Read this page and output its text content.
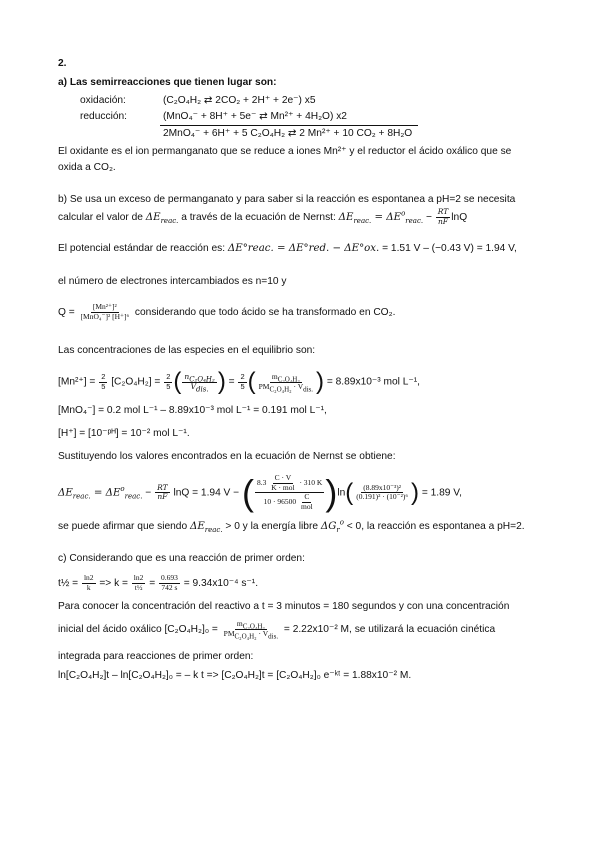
2.
a) Las semirreacciones que tienen lugar son:
oxidación:	(C₂O₄H₂ ⇄ 2CO₂ + 2H⁺ + 2e⁻) x5
reducción:	(MnO₄⁻ + 8H⁺ + 5e⁻ ⇄ Mn²⁺ + 4H₂O) x2
2MnO₄⁻ + 6H⁺ + 5 C₂O₄H₂ ⇄ 2 Mn²⁺ + 10 CO₂ + 8H₂O
El oxidante es el ion permanganato que se reduce a iones Mn²⁺ y el reductor el ácido oxálico que se
oxida a CO₂.
b) Se usa un exceso de permanganato y para saber si la reacción es espontanea a pH=2 se necesita
calcular el valor de $\Delta E_{reac.}$ a través de la ecuación de Nernst: $\Delta E_{reac.} = \Delta E^o_{reac.} - \frac{RT}{nF}$ lnQ
El potencial estándar de reacción es: ΔE°reac. = ΔE°red. − ΔE°ox. = 1.51 V – (−0.43 V) = 1.94 V,
el número de electrones intercambiados es n=10 y
$Q = \frac{\text{[Mn²⁺]²}}{\text{[MnO₄⁻]² [H⁺]⁶}}$ considerando que todo ácido se ha transformado en CO₂.
Las concentraciones de las especies en el equilibrio son:
$[Mn^{2+}] = \frac{2}{5} [C_2O_4H_2] = \frac{2}{5}$ ( $\frac{n_{C_2O_4H_2}}{V_{dis.}}$ ) = $\frac{2}{5}$ ( $\frac{m_{C_2O_4H_2}}{PM_{C_2O_4H_2} \cdot V_{dis.}}$ ) = 8.89x10⁻³ mol L⁻¹,
[MnO₄⁻] = 0.2 mol L⁻¹ – 8.89x10⁻³ mol L⁻¹ = 0.191 mol L⁻¹,
[H⁺] = [10⁻ᵖᴴ] = 10⁻² mol L⁻¹.
Sustituyendo los valores encontrados en la ecuación de Nernst se obtiene:
$\Delta E_{reac.} = \Delta E^o_{reac.} - \frac{RT}{nF}$ lnQ = 1.94 V − ( $\frac{8.3 \frac{C \cdot V}{\text{K · mol}} \cdot 310 K}{10 \cdot 96500 \frac{C}{\text{mol}}} )\ln( \frac{\text{(8.89x10⁻³)²}}{\text{(0.191)² · (10⁻²)⁶}}$ ) = 1.89 V,
se puede afirmar que siendo $\Delta E_{reac.} > 0$ y la energía libre $\Delta G_r^o < 0$, la reacción es espontanea a pH=2.
c) Considerando que es una reacción de primer orden:
t½ = $\frac{\ln 2}{k} => k = \frac{\ln 2}{\text{t½}} = \frac{0.693}{742 s} = 9.34x10^{-4}$ s⁻¹.
Para conocer la concentración del reactivo a t = 3 minutos = 180 segundos y con una concentración
inicial del ácido oxálico $[C_2O_4H_2]_0 = \frac{m_{C_2O_4H_2}}{PM_{C_2O_4H_2} \cdot V_{dis.}} = 2.22x10^{-2}$ M, se utilizará la ecuación cinética
integrada para reacciones de primer orden:
ln[C₂O₄H₂]t – ln[C₂O₄H₂]₀ = – k t => [C₂O₄H₂]t = [C₂O₄H₂]₀ e⁻ᵏᵗ = 1.88x10⁻² M.
